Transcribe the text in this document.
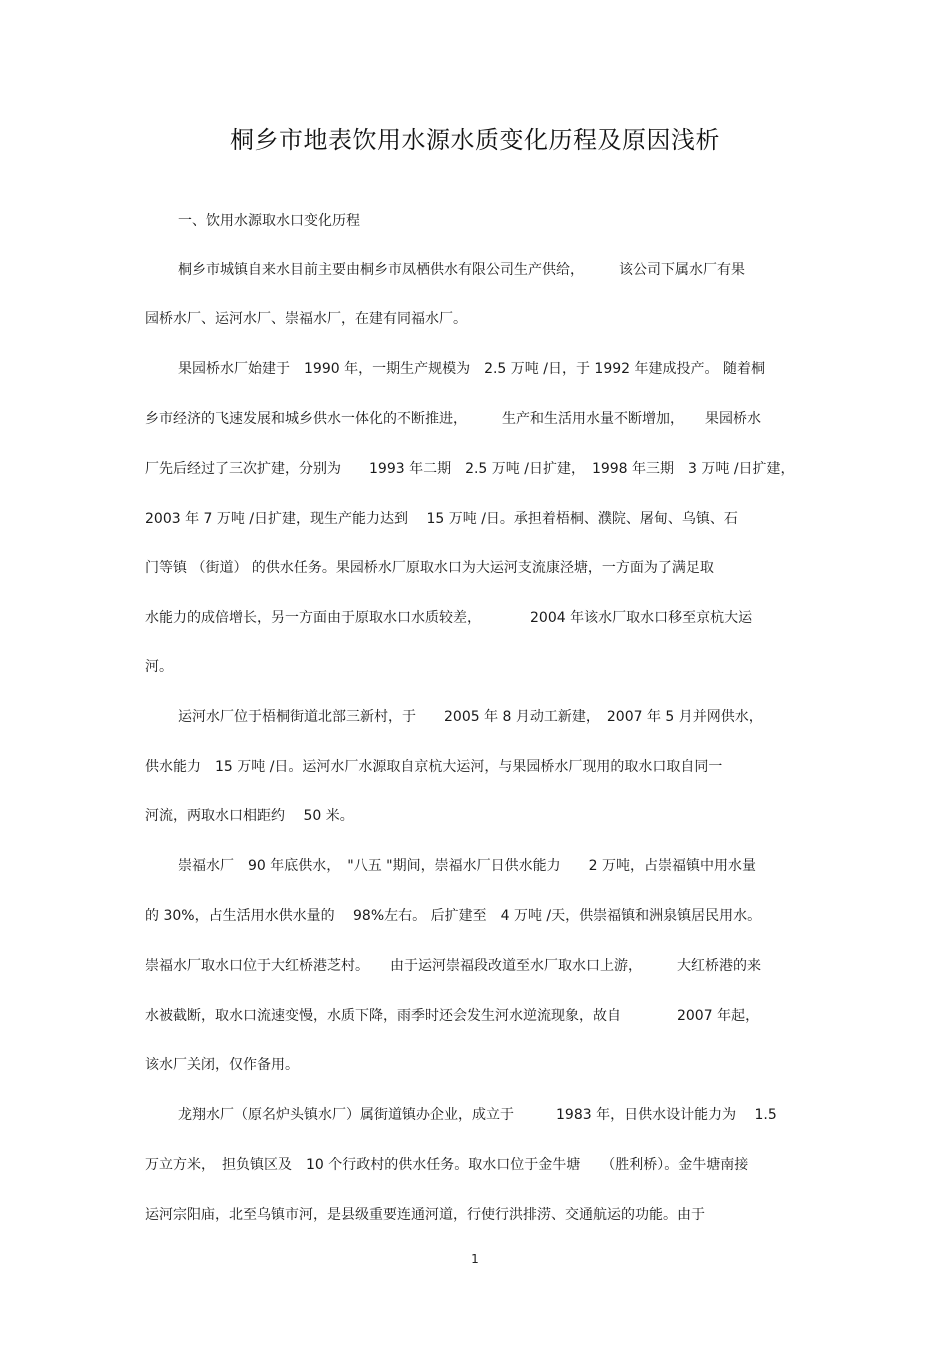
桐乡市地表饮用水源水质变化历程及原因浅析

一、饮用水源取水口变化历程

桐乡市城镇自来水目前主要由桐乡市凤栖供水有限公司生产供给，　　　该公司下属水厂有果

园桥水厂、运河水厂、崇福水厂，在建有同福水厂。

果园桥水厂始建于　1990 年，一期生产规模为　2.5 万吨 /日，于 1992 年建成投产。 随着桐

乡市经济的飞速发展和城乡供水一体化的不断推进，　　　生产和生活用水量不断增加，　　果园桥水

厂先后经过了三次扩建，分别为　　1993 年二期　2.5 万吨 /日扩建，　1998 年三期　3 万吨 /日扩建，

2003 年 7 万吨 /日扩建，现生产能力达到　 15 万吨 /日。承担着梧桐、濮院、屠甸、乌镇、石

门等镇 （街道） 的供水任务。果园桥水厂原取水口为大运河支流康泾塘，一方面为了满足取

水能力的成倍增长，另一方面由于原取水口水质较差，　　　　2004 年该水厂取水口移至京杭大运

河。

运河水厂位于梧桐街道北部三新村，于　　2005 年 8 月动工新建，　2007 年 5 月并网供水，

供水能力　15 万吨 /日。运河水厂水源取自京杭大运河，与果园桥水厂现用的取水口取自同一

河流，两取水口相距约　 50 米。

崇福水厂　90 年底供水，　"八五 "期间，崇福水厂日供水能力　　2 万吨，占崇福镇中用水量

的 30%，占生活用水供水量的　 98%左右。 后扩建至　4 万吨 /天，供崇福镇和洲泉镇居民用水。

崇福水厂取水口位于大红桥港芝村。　　由于运河崇福段改道至水厂取水口上游，　　　大红桥港的来

水被截断，取水口流速变慢，水质下降，雨季时还会发生河水逆流现象，故自　　　　2007 年起，

该水厂关闭，仅作备用。

龙翔水厂（原名炉头镇水厂）属街道镇办企业，成立于　　　1983 年，日供水设计能力为　 1.5

万立方米，　担负镇区及　10 个行政村的供水任务。取水口位于金牛塘　　（胜利桥）。金牛塘南接

运河宗阳庙，北至乌镇市河，是县级重要连通河道，行使行洪排涝、交通航运的功能。由于

1
